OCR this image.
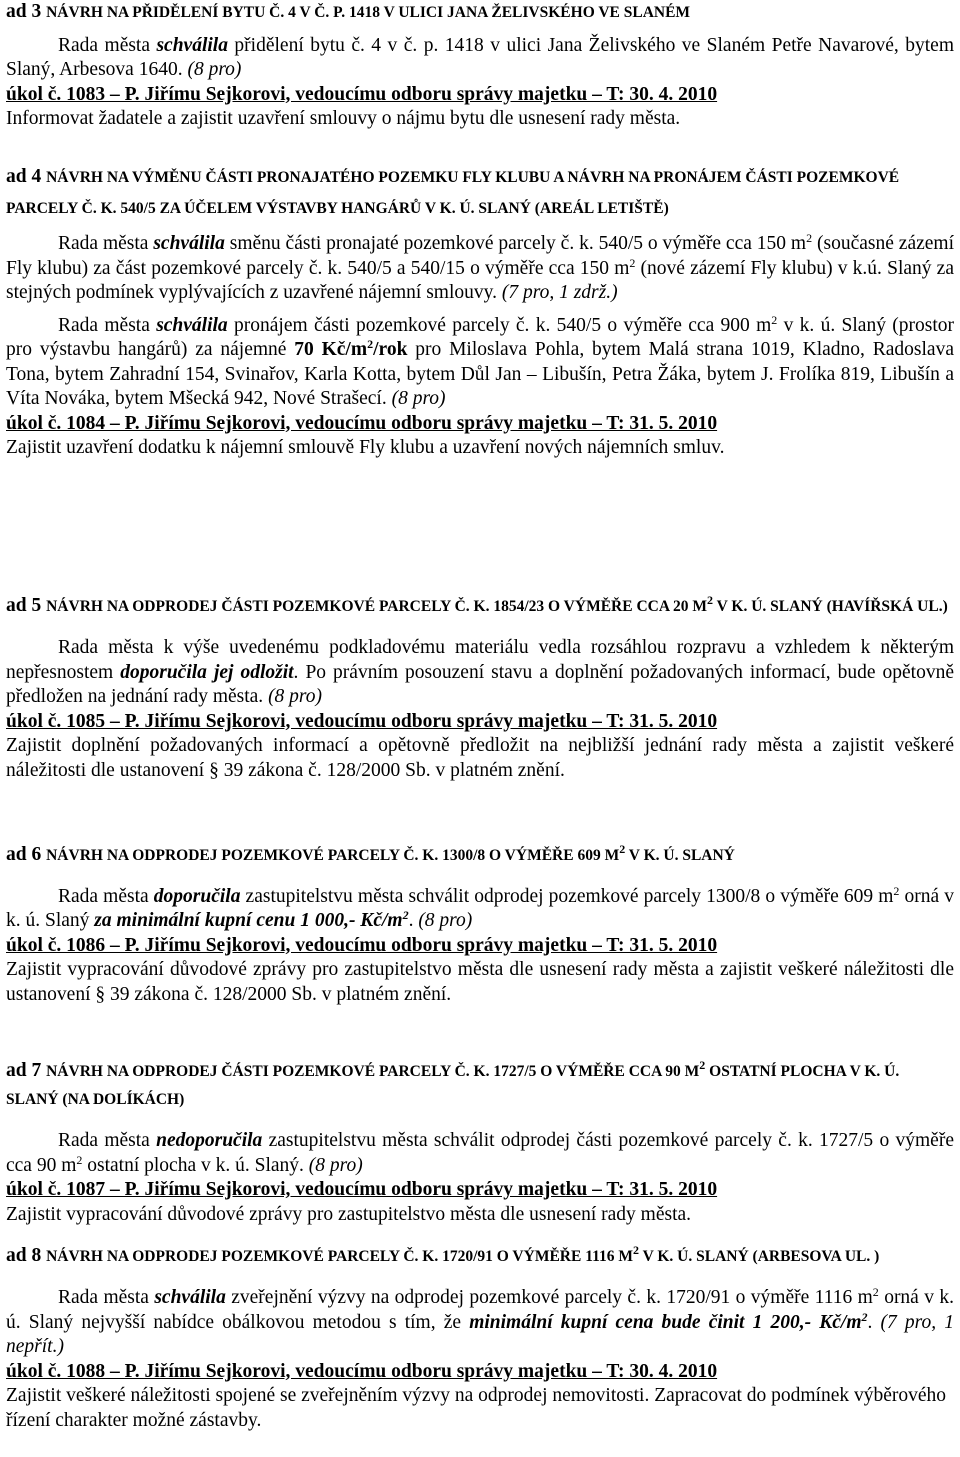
ad 3 NÁVRH NA PŘIDĚLENÍ BYTU Č. 4 V Č. P. 1418 V ULICI JANA ŽELIVSKÉHO VE SLANÉM

Rada města schválila přidělení bytu č. 4 v č. p. 1418 v ulici Jana Želivského ve Slaném Petře Navarové, bytem Slaný, Arbesova 1640. (8 pro)

úkol č. 1083 – P. Jiřímu Sejkorovi, vedoucímu odboru správy majetku – T: 30. 4. 2010

Informovat žadatele a zajistit uzavření smlouvy o nájmu bytu dle usnesení rady města.

ad 4 NÁVRH NA VÝMĚNU ČÁSTI PRONAJATÉHO POZEMKU FLY KLUBU A NÁVRH NA PRONÁJEM ČÁSTI POZEMKOVÉ PARCELY Č. K. 540/5 ZA ÚČELEM VÝSTAVBY HANGÁRŮ V K. Ú. SLANÝ (AREÁL LETIŠTĚ)

Rada města schválila směnu části pronajaté pozemkové parcely č. k. 540/5 o výměře cca 150 $m^2$ (současné zázemí Fly klubu) za část pozemkové parcely č. k. 540/5 a 540/15 o výměře cca 150 $m^2$ (nové zázemí Fly klubu) v k.ú. Slaný za stejných podmínek vyplývajících z uzavřené nájemní smlouvy. (7 pro, 1 zdrž.)

Rada města schválila pronájem části pozemkové parcely č. k. 540/5 o výměře cca 900 $m^2$ v k. ú. Slaný (prostor pro výstavbu hangárů) za nájemné 70 $Kč/m^2$/rok pro Miloslava Pohla, bytem Malá strana 1019, Kladno, Radoslava Tona, bytem Zahradní 154, Svinařov, Karla Kotta, bytem Důl Jan – Libušín, Petra Žáka, bytem J. Frolíka 819, Libušín a Víta Nováka, bytem Mšecká 942, Nové Strašecí. (8 pro)

úkol č. 1084 – P. Jiřímu Sejkorovi, vedoucímu odboru správy majetku – T: 31. 5. 2010

Zajistit uzavření dodatku k nájemní smlouvě Fly klubu a uzavření nových nájemních smluv.

ad 5 NÁVRH NA ODPRODEJ ČÁSTI POZEMKOVÉ PARCELY Č. K. 1854/23 O VÝMĚŘE CCA 20 $M^2$ V K. Ú. SLANÝ (HAVÍŘSKÁ UL.)

Rada města k výše uvedenému podkladovému materiálu vedla rozsáhlou rozpravu a vzhledem k některým nepřesnostem doporučila jej odložit. Po právním posouzení stavu a doplnění požadovaných informací, bude opětovně předložen na jednání rady města. (8 pro)

úkol č. 1085 – P. Jiřímu Sejkorovi, vedoucímu odboru správy majetku – T: 31. 5. 2010

Zajistit doplnění požadovaných informací a opětovně předložit na nejbližší jednání rady města a zajistit veškeré náležitosti dle ustanovení § 39 zákona č. 128/2000 Sb. v platném znění.

ad 6 NÁVRH NA ODPRODEJ POZEMKOVÉ PARCELY Č. K. 1300/8 O VÝMĚŘE 609 $M^2$ V K. Ú. SLANÝ

Rada města doporučila zastupitelstvu města schválit odprodej pozemkové parcely 1300/8 o výměře 609 $m^2$ orná v k. ú. Slaný za minimální kupní cenu 1 000,- $Kč/m^2$. (8 pro)

úkol č. 1086 – P. Jiřímu Sejkorovi, vedoucímu odboru správy majetku – T: 31. 5. 2010

Zajistit vypracování důvodové zprávy pro zastupitelstvo města dle usnesení rady města a zajistit veškeré náležitosti dle ustanovení § 39 zákona č. 128/2000 Sb. v platném znění.

ad 7 NÁVRH NA ODPRODEJ ČÁSTI POZEMKOVÉ PARCELY Č. K. 1727/5 O VÝMĚŘE CCA 90 $M^2$ OSTATNÍ PLOCHA V K. Ú. SLANÝ (NA DOLÍKÁCH)

Rada města nedoporučila zastupitelstvu města schválit odprodej části pozemkové parcely č. k. 1727/5 o výměře cca 90 $m^2$ ostatní plocha v k. ú. Slaný. (8 pro)

úkol č. 1087 – P. Jiřímu Sejkorovi, vedoucímu odboru správy majetku – T: 31. 5. 2010

Zajistit vypracování důvodové zprávy pro zastupitelstvo města dle usnesení rady města.

ad 8 NÁVRH NA ODPRODEJ POZEMKOVÉ PARCELY Č. K. 1720/91 O VÝMĚŘE 1116 $M^2$ V K. Ú. SLANÝ (ARBESOVA UL. )

Rada města schválila zveřejnění výzvy na odprodej pozemkové parcely č. k. 1720/91 o výměře 1116 $m^2$ orná v k. ú. Slaný nejvyšší nabídce obálkovou metodou s tím, že minimální kupní cena bude činit 1 200,- $Kč/m^2$. (7 pro, 1 nepřít.)

úkol č. 1088 – P. Jiřímu Sejkorovi, vedoucímu odboru správy majetku – T: 30. 4. 2010

Zajistit veškeré náležitosti spojené se zveřejněním výzvy na odprodej nemovitosti. Zapracovat do podmínek výběrového řízení charakter možné zástavby.
